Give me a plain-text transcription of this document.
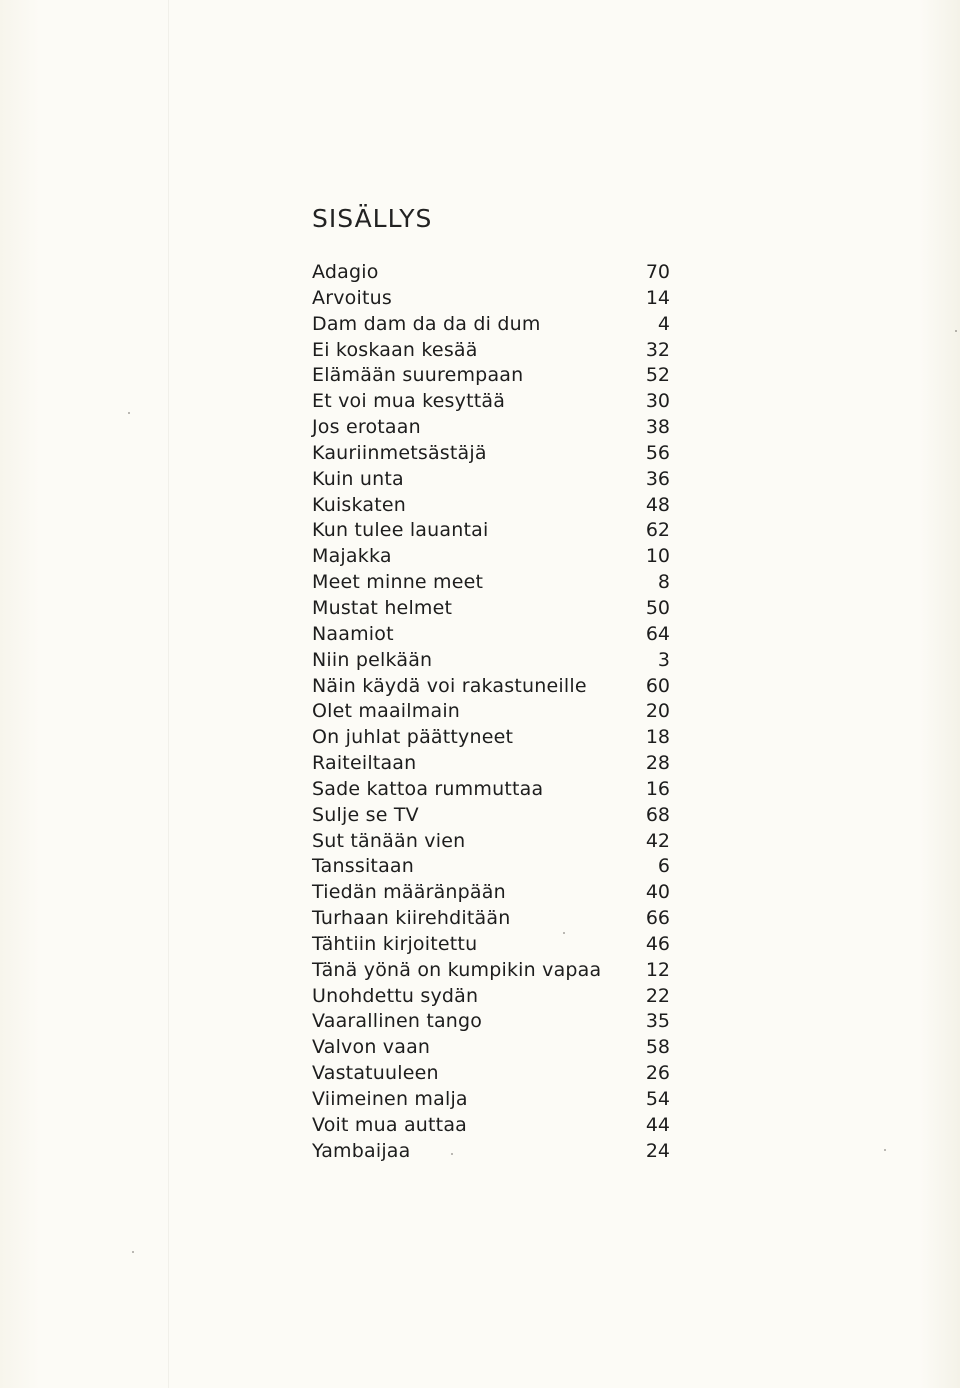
SISÄLLYS
Adagio	70
Arvoitus	14
Dam dam da da di dum	4
Ei koskaan kesää	32
Elämään suurempaan	52
Et voi mua kesyttää	30
Jos erotaan	38
Kauriinmetsästäjä	56
Kuin unta	36
Kuiskaten	48
Kun tulee lauantai	62
Majakka	10
Meet minne meet	8
Mustat helmet	50
Naamiot	64
Niin pelkään	3
Näin käydä voi rakastuneille	60
Olet maailmain	20
On juhlat päättyneet	18
Raiteiltaan	28
Sade kattoa rummuttaa	16
Sulje se TV	68
Sut tänään vien	42
Tanssitaan	6
Tiedän määränpään	40
Turhaan kiirehditään	66
Tähtiin kirjoitettu	46
Tänä yönä on kumpikin vapaa	12
Unohdettu sydän	22
Vaarallinen tango	35
Valvon vaan	58
Vastatuuleen	26
Viimeinen malja	54
Voit mua auttaa	44
Yambaijaa	24
